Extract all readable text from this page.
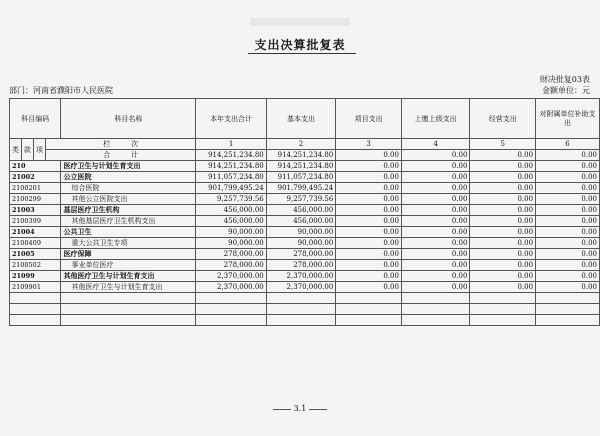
支出决算批复表
财决批复03表
部门：河南省濮阳市人民医院	金额单位：元
科目编码				科目名称	本年支出合计	基本支出	项目支出	上缴上级支出	经营支出	对附属单位补助支出
类	款	项	栏　　　次		1	2	3	4	5	6
			合　　　计		914,251,234.80	914,251,234.80	0.00	0.00	0.00	0.00
210				医疗卫生与计划生育支出	914,251,234.80	914,251,234.80	0.00	0.00	0.00	0.00
21002				公立医院	911,057,234.80	911,057,234.80	0.00	0.00	0.00	0.00
2100201				综合医院	901,799,495.24	901,799,495.24	0.00	0.00	0.00	0.00
2100299				其他公立医院支出	9,257,739.56	9,257,739.56	0.00	0.00	0.00	0.00
21003				基层医疗卫生机构	456,000.00	456,000.00	0.00	0.00	0.00	0.00
2100399				其他基层医疗卫生机构支出	456,000.00	456,000.00	0.00	0.00	0.00	0.00
21004				公共卫生	90,000.00	90,000.00	0.00	0.00	0.00	0.00
2100409				重大公共卫生专项	90,000.00	90,000.00	0.00	0.00	0.00	0.00
21005				医疗保障	278,000.00	278,000.00	0.00	0.00	0.00	0.00
2100502				事业单位医疗	278,000.00	278,000.00	0.00	0.00	0.00	0.00
21099				其他医疗卫生与计划生育支出	2,370,000.00	2,370,000.00	0.00	0.00	0.00	0.00
2109901				其他医疗卫生与计划生育支出	2,370,000.00	2,370,000.00	0.00	0.00	0.00	0.00

3.1
